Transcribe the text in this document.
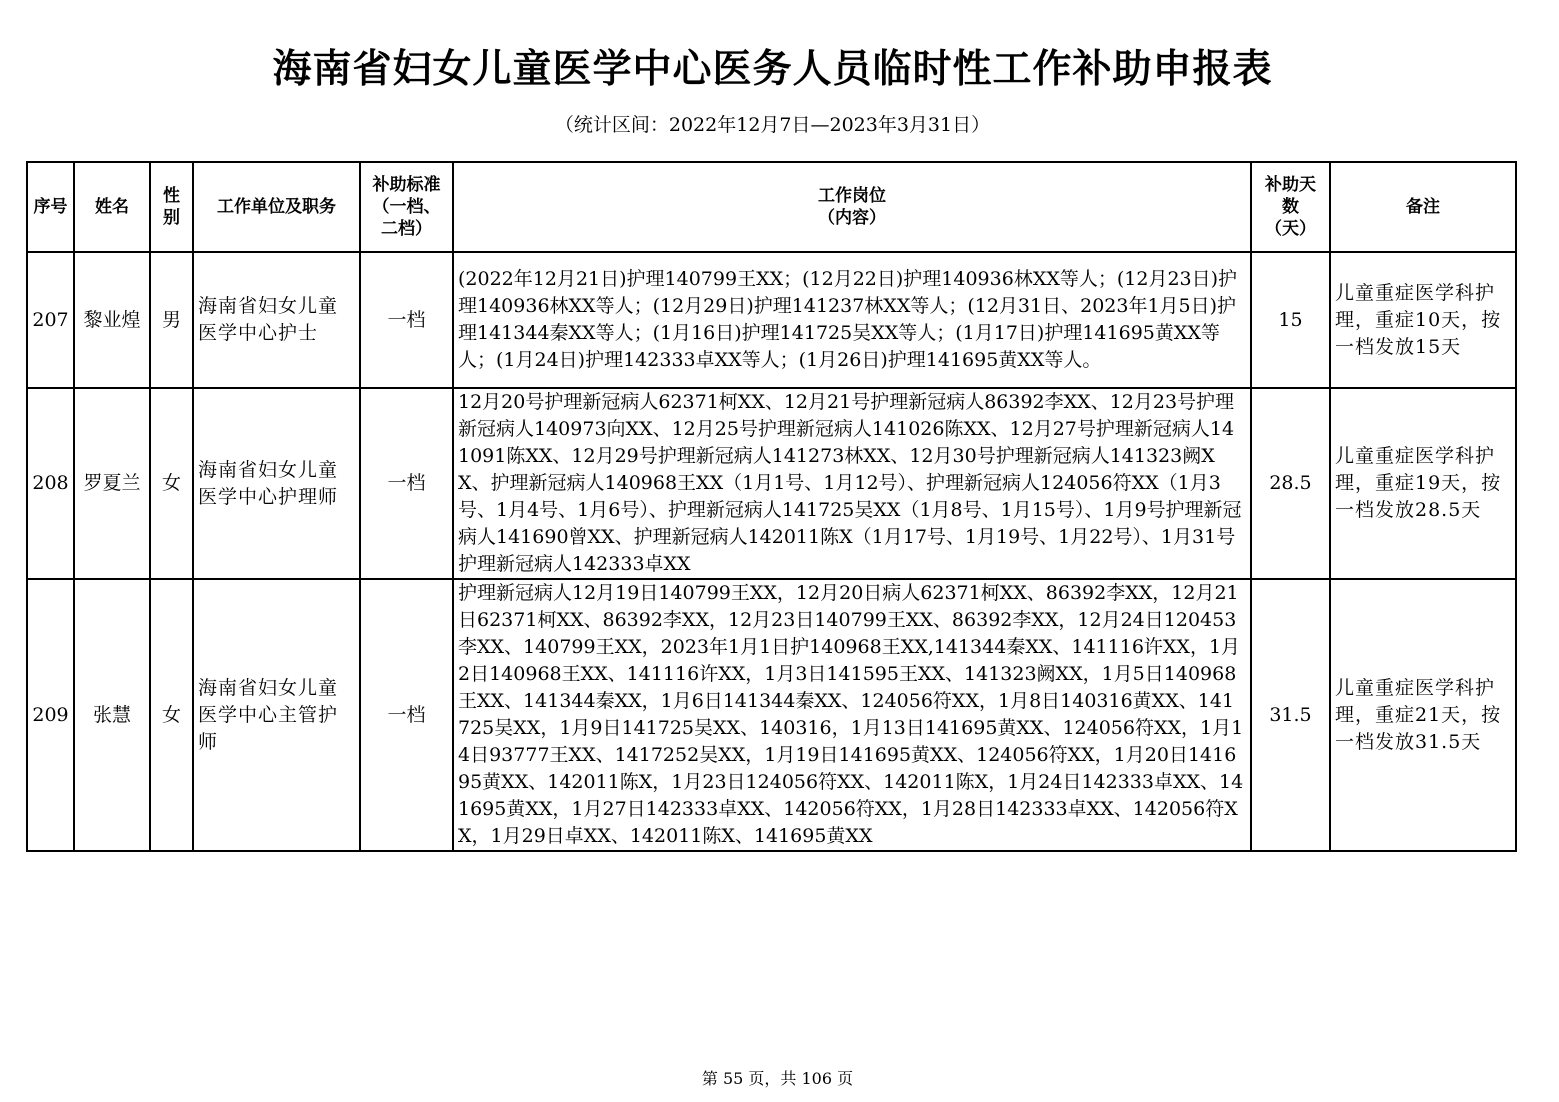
海南省妇女儿童医学中心医务人员临时性工作补助申报表
（统计区间：2022年12月7日—2023年3月31日）
序号	姓名	性别	工作单位及职务	补助标准
（一档、
二档）	工作岗位
（内容）	补助天
数
（天）	备注
207	黎业煌	男	海南省妇女儿童医学中心护士	一档	(2022年12月21日)护理140799王XX；(12月22日)护理140936林XX等人；(12月23日)护理140936林XX等人；(12月29日)护理141237林XX等人；(12月31日、2023年1月5日)护理141344秦XX等人；(1月16日)护理141725吴XX等人；(1月17日)护理141695黄XX等人；(1月24日)护理142333卓XX等人；(1月26日)护理141695黄XX等人。	15	儿童重症医学科护理，重症10天，按一档发放15天
208	罗夏兰	女	海南省妇女儿童医学中心护理师	一档	12月20号护理新冠病人62371柯XX、12月21号护理新冠病人86392李XX、12月23号护理新冠病人140973向XX、12月25号护理新冠病人141026陈XX、12月27号护理新冠病人141091陈XX、12月29号护理新冠病人141273林XX、12月30号护理新冠病人141323阙XX、护理新冠病人140968王XX（1月1号、1月12号）、护理新冠病人124056符XX（1月3号、1月4号、1月6号）、护理新冠病人141725吴XX（1月8号、1月15号）、1月9号护理新冠病人141690曾XX、护理新冠病人142011陈X（1月17号、1月19号、1月22号）、1月31号护理新冠病人142333卓XX	28.5	儿童重症医学科护理，重症19天，按一档发放28.5天
209	张慧	女	海南省妇女儿童医学中心主管护师	一档	护理新冠病人12月19日140799王XX，12月20日病人62371柯XX、86392李XX，12月21日62371柯XX、86392李XX，12月23日140799王XX、86392李XX，12月24日120453李XX、140799王XX，2023年1月1日护140968王XX,141344秦XX、141116许XX，1月2日140968王XX、141116许XX，1月3日141595王XX、141323阙XX，1月5日140968王XX、141344秦XX，1月6日141344秦XX、124056符XX，1月8日140316黄XX、141725吴XX，1月9日141725吴XX、140316，1月13日141695黄XX、124056符XX，1月14日93777王XX、1417252吴XX，1月19日141695黄XX、124056符XX，1月20日141695黄XX、142011陈X，1月23日124056符XX、142011陈X，1月24日142333卓XX、141695黄XX，1月27日142333卓XX、142056符XX，1月28日142333卓XX、142056符XX，1月29日卓XX、142011陈X、141695黄XX	31.5	儿童重症医学科护理，重症21天，按一档发放31.5天
第 55 页，共 106 页
